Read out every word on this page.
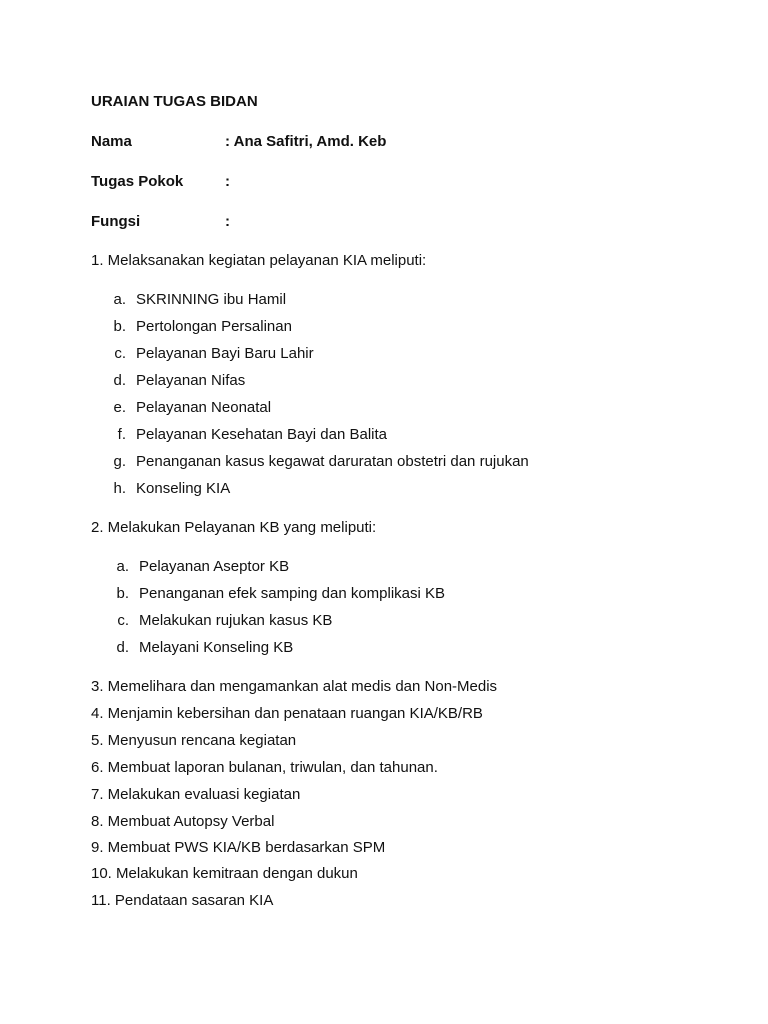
URAIAN TUGAS BIDAN
Nama	: Ana Safitri, Amd. Keb
Tugas Pokok	:
Fungsi	:
1. Melaksanakan kegiatan pelayanan KIA meliputi:
a. SKRINNING ibu Hamil
b. Pertolongan Persalinan
c. Pelayanan Bayi Baru Lahir
d. Pelayanan Nifas
e. Pelayanan Neonatal
f. Pelayanan Kesehatan Bayi dan Balita
g. Penanganan kasus kegawat daruratan obstetri dan rujukan
h. Konseling KIA
2. Melakukan Pelayanan KB yang meliputi:
a. Pelayanan Aseptor KB
b. Penanganan efek samping dan komplikasi KB
c. Melakukan rujukan kasus KB
d. Melayani Konseling KB
3. Memelihara dan mengamankan alat medis dan Non-Medis
4. Menjamin kebersihan dan penataan ruangan KIA/KB/RB
5. Menyusun rencana kegiatan
6. Membuat laporan bulanan, triwulan, dan tahunan.
7. Melakukan evaluasi kegiatan
8. Membuat Autopsy Verbal
9. Membuat PWS KIA/KB berdasarkan SPM
10. Melakukan kemitraan dengan dukun
11. Pendataan sasaran KIA
